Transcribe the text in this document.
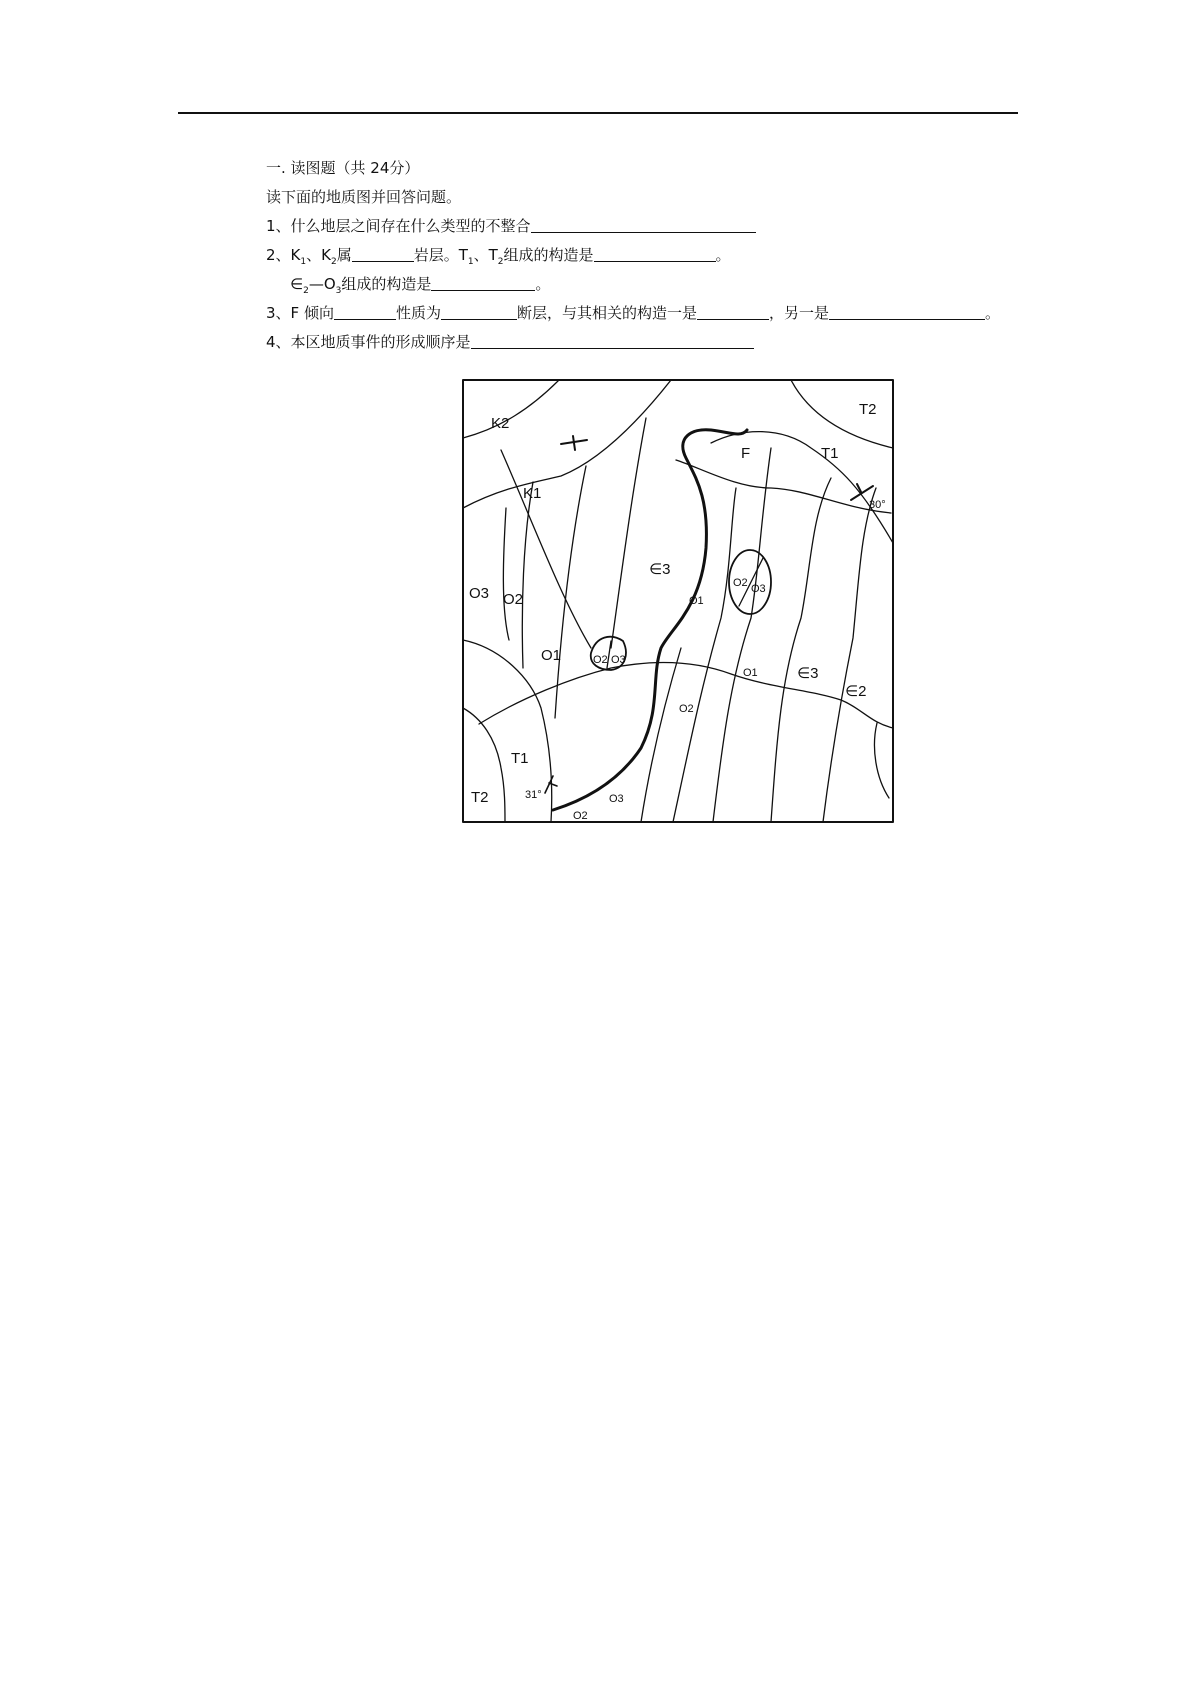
一. 读图题（共 24分）
读下面的地质图并回答问题。
1、什么地层之间存在什么类型的不整合
2、$K_1$、$K_2$属	岩层。$T_1$、$T_2$组成的构造是	。
$\in_2—O_3$组成的构造是	。
3、F 倾向	性质为	断层，与其相关的构造一是	，另一是	。
4、本区地质事件的形成顺序是
K2
K1
T2
T1
F
30°
O3 O2
∈3
O1
O1
O2 O3
O2 O3
O1	∈3
∈2
O2
T1
T2	31°	O3
O2
